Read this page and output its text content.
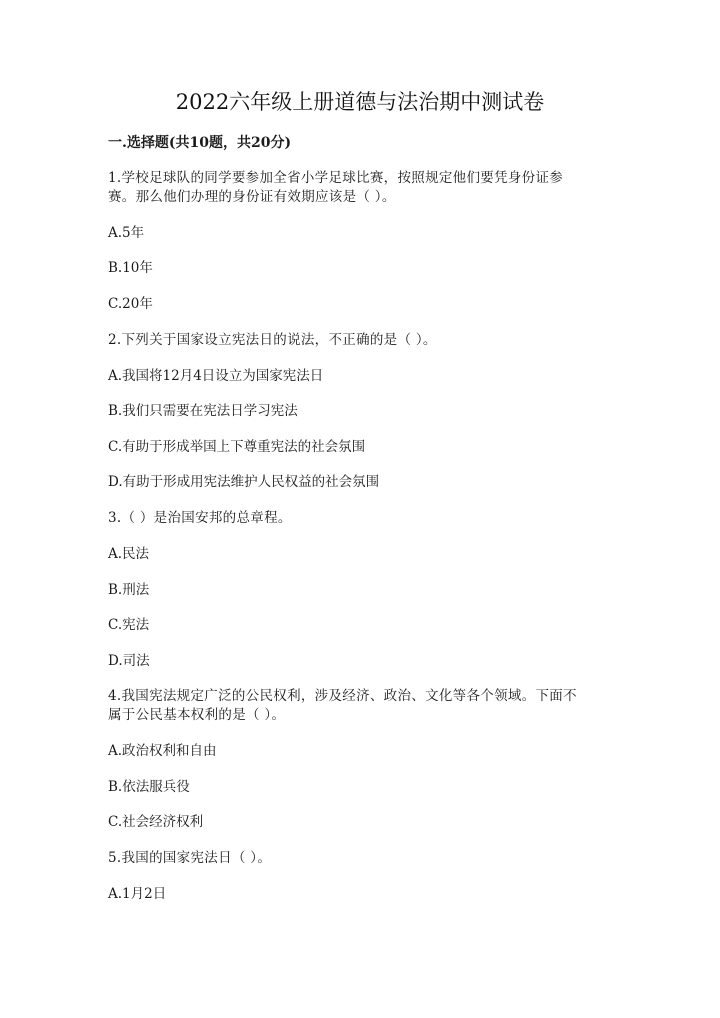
2022六年级上册道德与法治期中测试卷
一.选择题(共10题，共20分)
1.学校足球队的同学要参加全省小学足球比赛，按照规定他们要凭身份证参
赛。那么他们办理的身份证有效期应该是（ ）。
A.5年
B.10年
C.20年
2.下列关于国家设立宪法日的说法，不正确的是（ ）。
A.我国将12月4日设立为国家宪法日
B.我们只需要在宪法日学习宪法
C.有助于形成举国上下尊重宪法的社会氛围
D.有助于形成用宪法维护人民权益的社会氛围
3.（ ）是治国安邦的总章程。
A.民法
B.刑法
C.宪法
D.司法
4.我国宪法规定广泛的公民权利，涉及经济、政治、文化等各个领域。下面不
属于公民基本权利的是（ ）。
A.政治权利和自由
B.依法服兵役
C.社会经济权利
5.我国的国家宪法日（ ）。
A.1月2日
